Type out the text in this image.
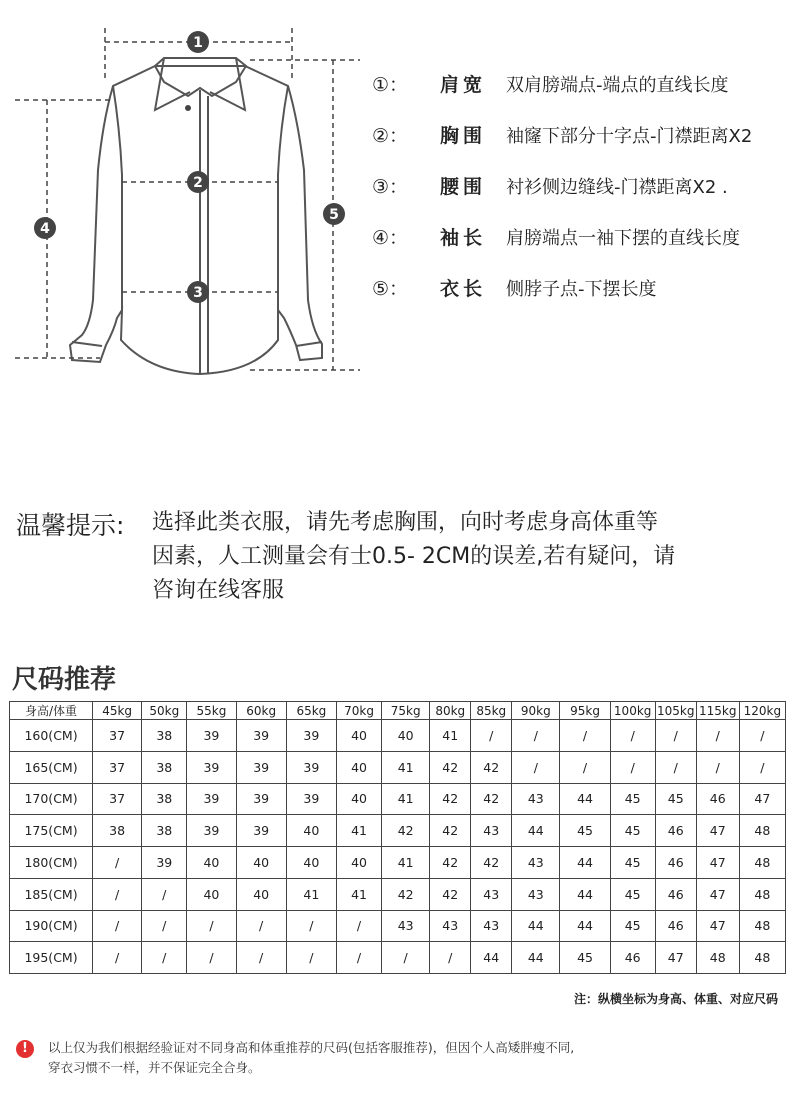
1
2
3
4
5
①：	肩宽	双肩膀端点-端点的直线长度
②：	胸围	袖窿下部分十字点-门襟距离X2
③：	腰围	衬衫侧边缝线-门襟距离X2 .
④：	袖长	肩膀端点一袖下摆的直线长度
⑤：	衣长	侧脖子点-下摆长度
温馨提示: 选择此类衣服，请先考虑胸围，向时考虑身高体重等
因素，人工测量会有士0.5- 2CM的误差,若有疑问，请
咨询在线客服
尺码推荐
身高/体重	45kg	50kg	55kg	60kg	65kg	70kg	75kg	80kg	85kg	90kg	95kg	100kg	105kg	115kg	120kg
160(CM)	37	38	39	39	39	40	40	41	/	/	/	/	/	/	/
165(CM)	37	38	39	39	39	40	41	42	42	/	/	/	/	/	/
170(CM)	37	38	39	39	39	40	41	42	42	43	44	45	45	46	47
175(CM)	38	38	39	39	40	41	42	42	43	44	45	45	46	47	48
180(CM)	/	39	40	40	40	40	41	42	42	43	44	45	46	47	48
185(CM)	/	/	40	40	41	41	42	42	43	43	44	45	46	47	48
190(CM)	/	/	/	/	/	/	43	43	43	44	44	45	46	47	48
195(CM)	/	/	/	/	/	/	/	/	44	44	45	46	47	48	48
注：纵横坐标为身高、体重、对应尺码
!	以上仅为我们根据经验证对不同身高和体重推荐的尺码(包括客服推荐)，但因个人高矮胖瘦不同,
穿衣习惯不一样，并不保证完全合身。
